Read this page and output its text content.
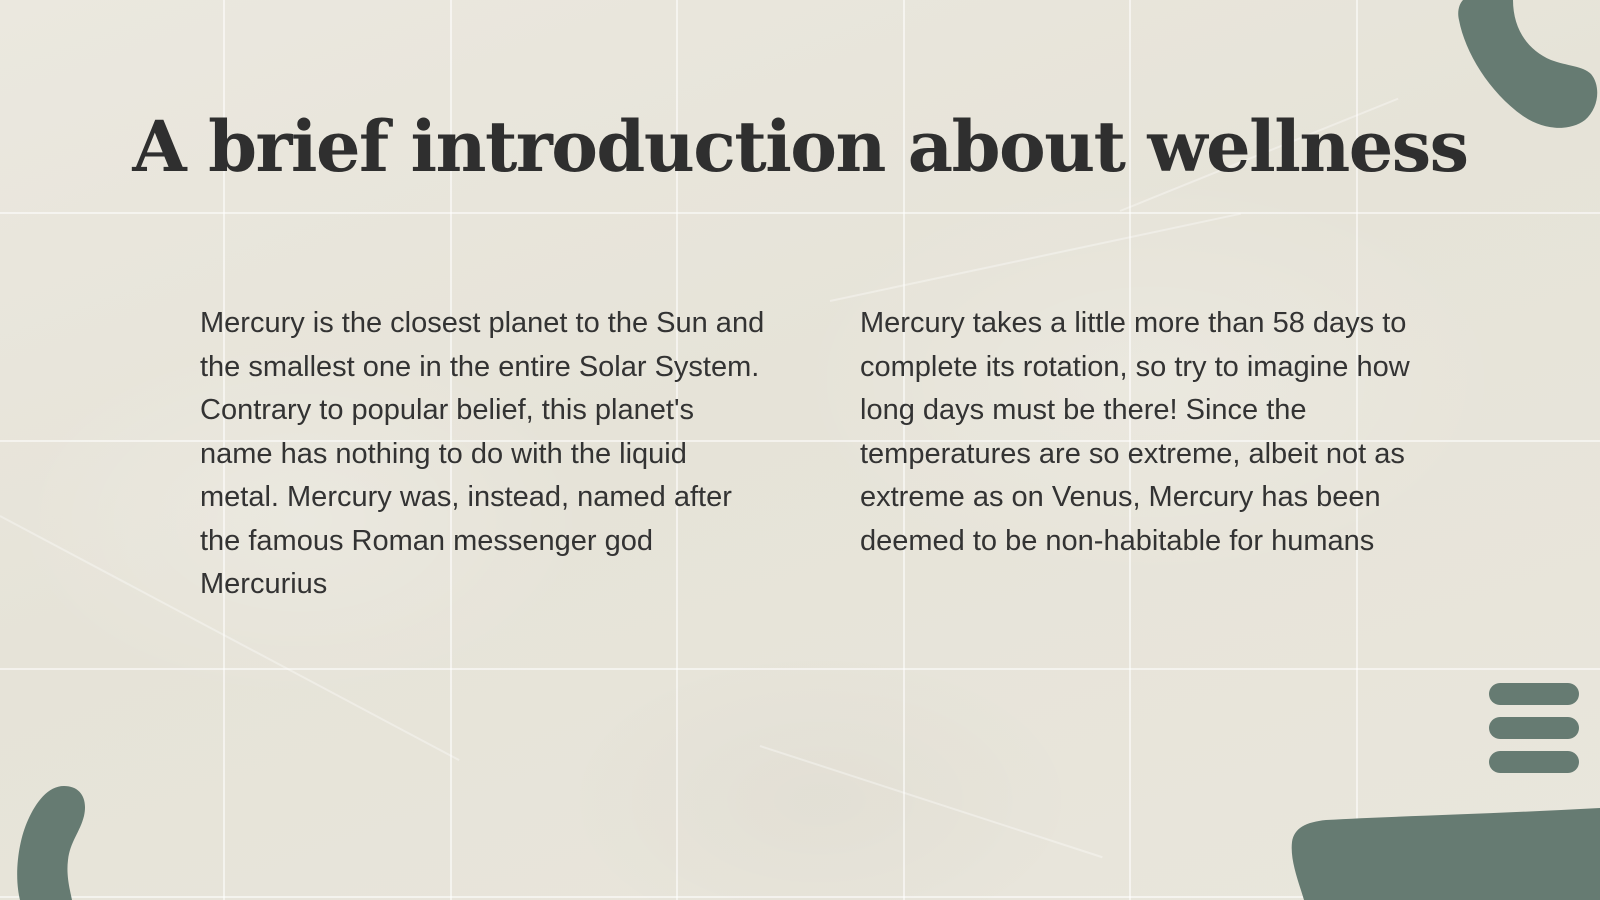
A brief introduction about wellness

Mercury is the closest planet to the Sun and the smallest one in the entire Solar System. Contrary to popular belief, this planet's name has nothing to do with the liquid metal. Mercury was, instead, named after the famous Roman messenger god Mercurius

Mercury takes a little more than 58 days to complete its rotation, so try to imagine how long days must be there! Since the temperatures are so extreme, albeit not as extreme as on Venus, Mercury has been deemed to be non-habitable for humans
